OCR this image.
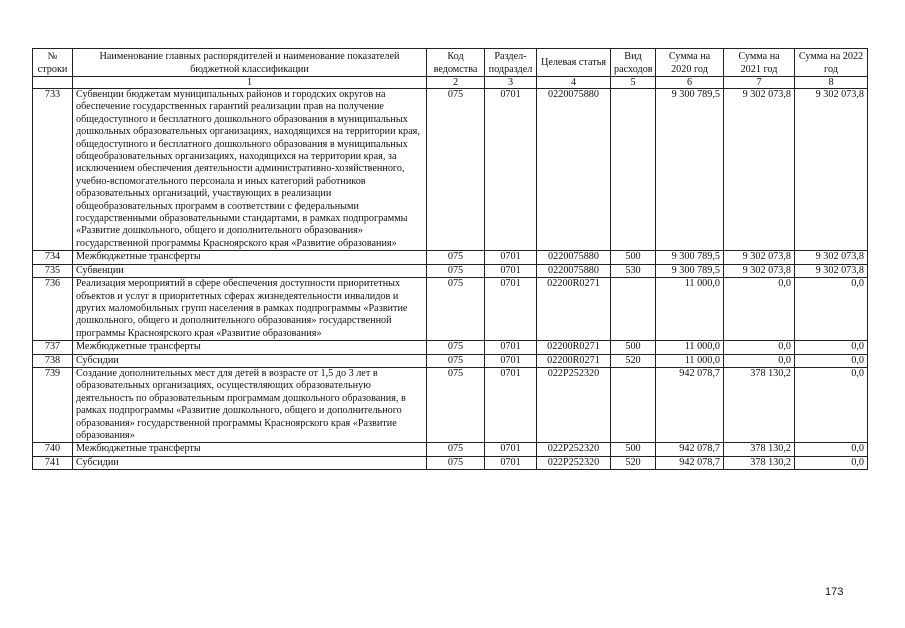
№ строки	Наименование главных распорядителей и наименование показателей бюджетной классификации	Код ведомства	Раздел-подраздел	Целевая статья	Вид расходов	Сумма на 2020 год	Сумма на 2021 год	Сумма на 2022 год
	1	2	3	4	5	6	7	8
733	Субвенции бюджетам муниципальных районов и городских округов на обеспечение государственных гарантий реализации прав на получение общедоступного и бесплатного дошкольного образования в муниципальных дошкольных образовательных организациях, находящихся на территории края, общедоступного и бесплатного дошкольного образования в муниципальных общеобразовательных организациях, находящихся на территории края, за исключением обеспечения деятельности административно-хозяйственного, учебно-вспомогательного персонала и иных категорий работников образовательных организаций, участвующих в реализации общеобразовательных программ в соответствии с федеральными государственными образовательными стандартами, в рамках подпрограммы «Развитие дошкольного, общего и дополнительного образования» государственной программы Красноярского края «Развитие образования»	075	0701	0220075880		9 300 789,5	9 302 073,8	9 302 073,8
734	Межбюджетные трансферты	075	0701	0220075880	500	9 300 789,5	9 302 073,8	9 302 073,8
735	Субвенции	075	0701	0220075880	530	9 300 789,5	9 302 073,8	9 302 073,8
736	Реализация мероприятий в сфере обеспечения доступности приоритетных объектов и услуг в приоритетных сферах жизнедеятельности инвалидов и других маломобильных групп населения в рамках подпрограммы «Развитие дошкольного, общего и дополнительного образования» государственной программы Красноярского края «Развитие образования»	075	0701	02200R0271		11 000,0	0,0	0,0
737	Межбюджетные трансферты	075	0701	02200R0271	500	11 000,0	0,0	0,0
738	Субсидии	075	0701	02200R0271	520	11 000,0	0,0	0,0
739	Создание дополнительных мест для детей в возрасте от 1,5 до 3 лет в образовательных организациях, осуществляющих образовательную деятельность по образовательным программам дошкольного образования, в рамках подпрограммы «Развитие дошкольного, общего и дополнительного образования» государственной программы Красноярского края «Развитие образования»	075	0701	022P252320		942 078,7	378 130,2	0,0
740	Межбюджетные трансферты	075	0701	022P252320	500	942 078,7	378 130,2	0,0
741	Субсидии	075	0701	022P252320	520	942 078,7	378 130,2	0,0
173
